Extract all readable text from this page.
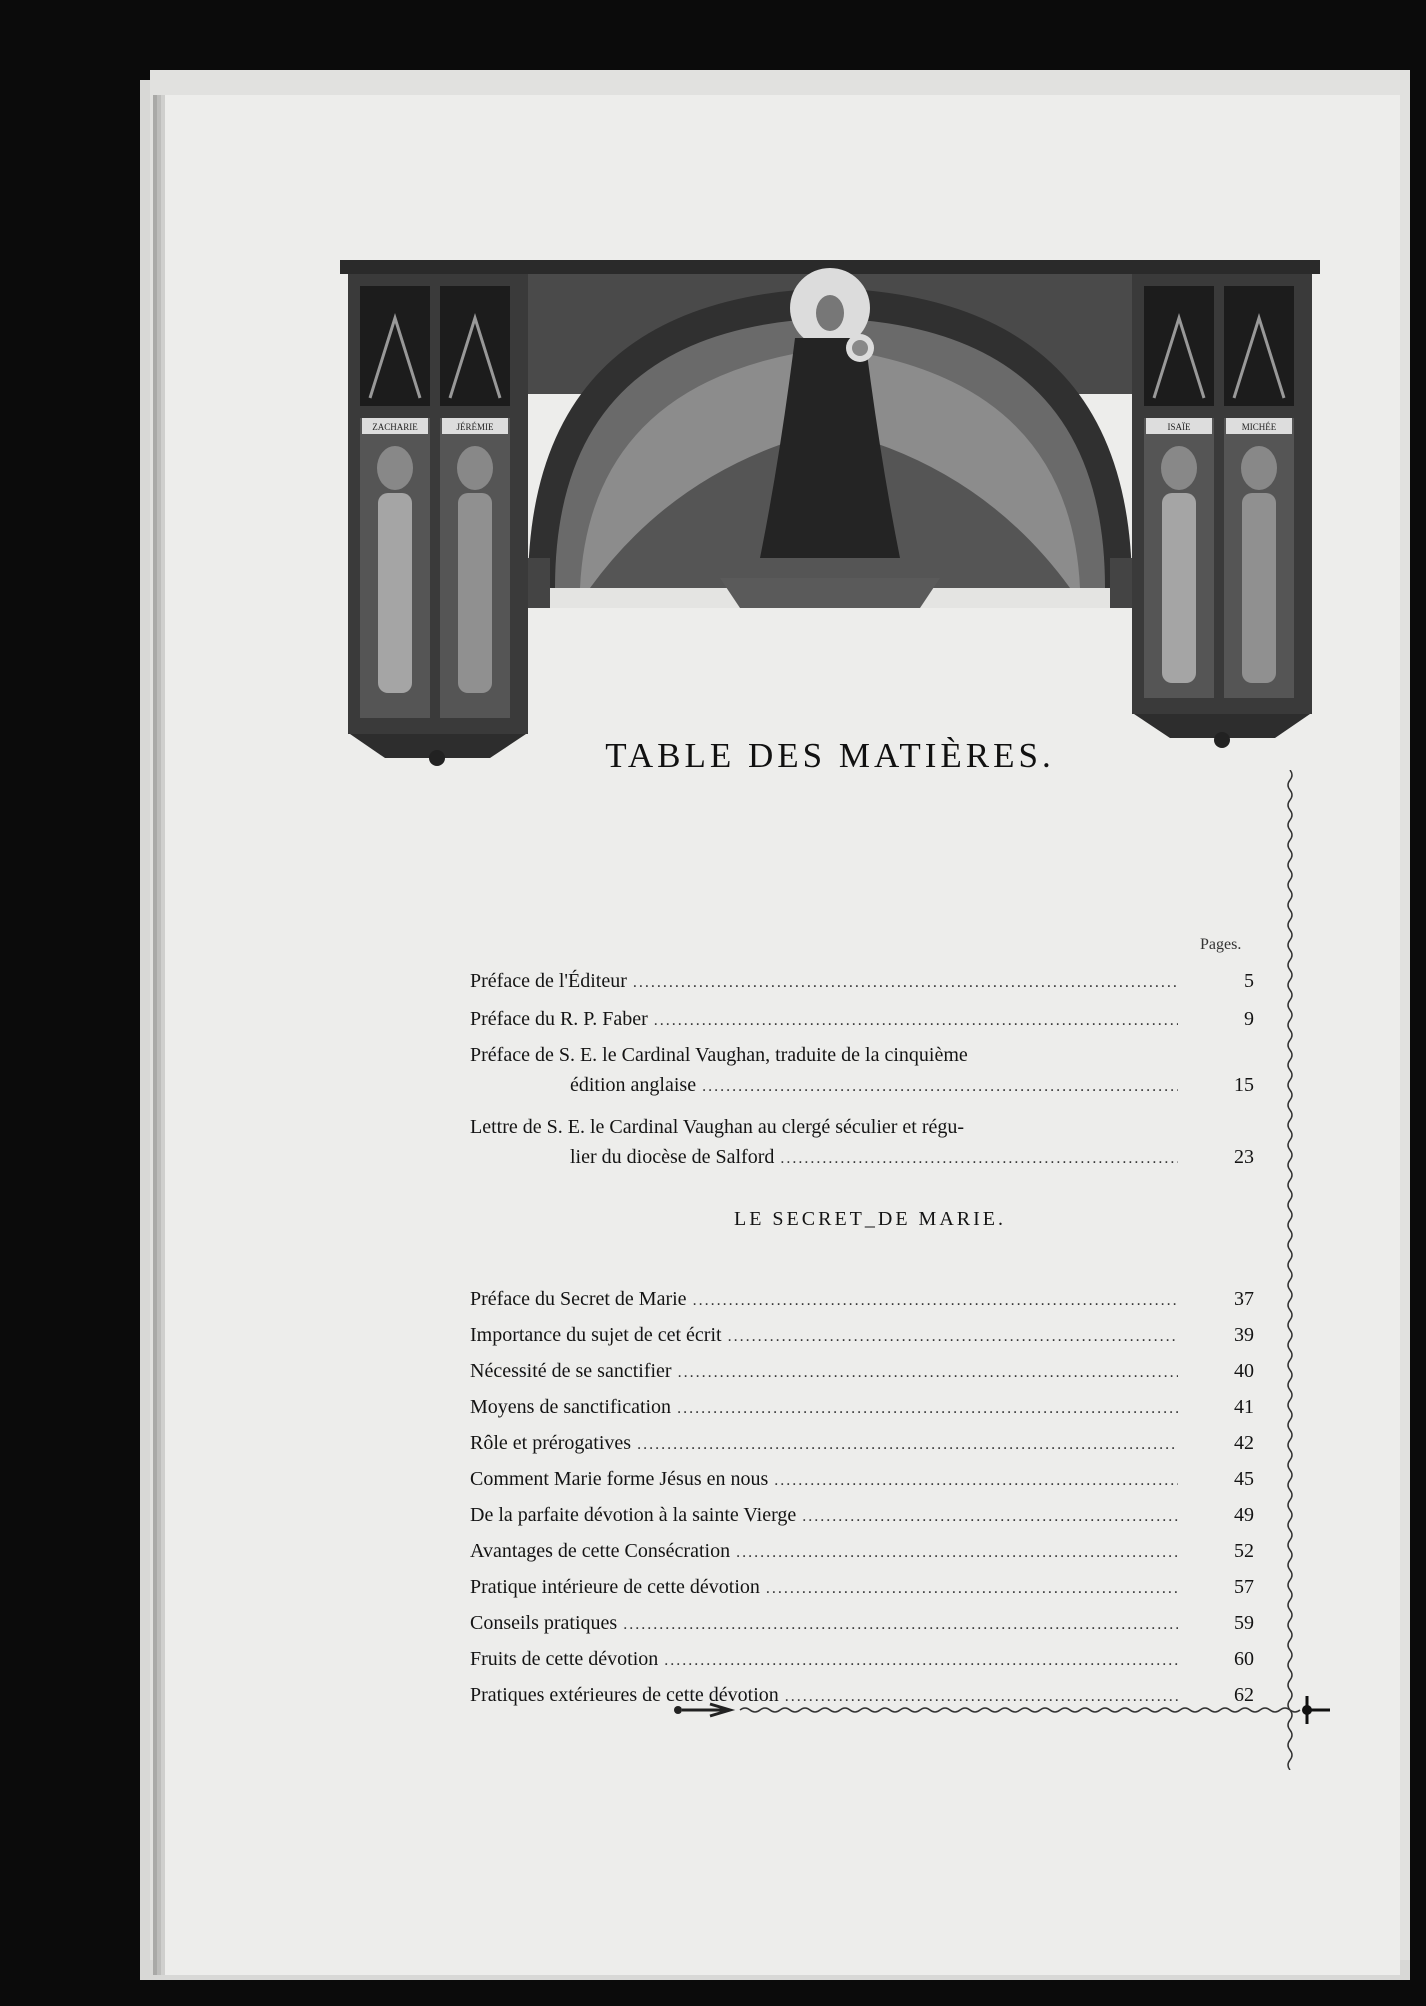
ZACHARIE	JÉRÉMIE	ISAÏE	MICHÉE
TABLE DES MATIÈRES.
Pages.
Préface de l'Éditeur .....	5
Préface du R. P. Faber .....	9
Préface de S. E. le Cardinal Vaughan, traduite de la cinquième
édition anglaise .....	15
Lettre de S. E. le Cardinal Vaughan au clergé séculier et régu-
lier du diocèse de Salford .....	23
LE SECRET_DE MARIE.
Préface du Secret de Marie .....	37
Importance du sujet de cet écrit .....	39
Nécessité de se sanctifier .....	40
Moyens de sanctification .....	41
Rôle et prérogatives .....	42
Comment Marie forme Jésus en nous .....	45
De la parfaite dévotion à la sainte Vierge .....	49
Avantages de cette Consécration .....	52
Pratique intérieure de cette dévotion .....	57
Conseils pratiques .....	59
Fruits de cette dévotion .....	60
Pratiques extérieures de cette dévotion .....	62
